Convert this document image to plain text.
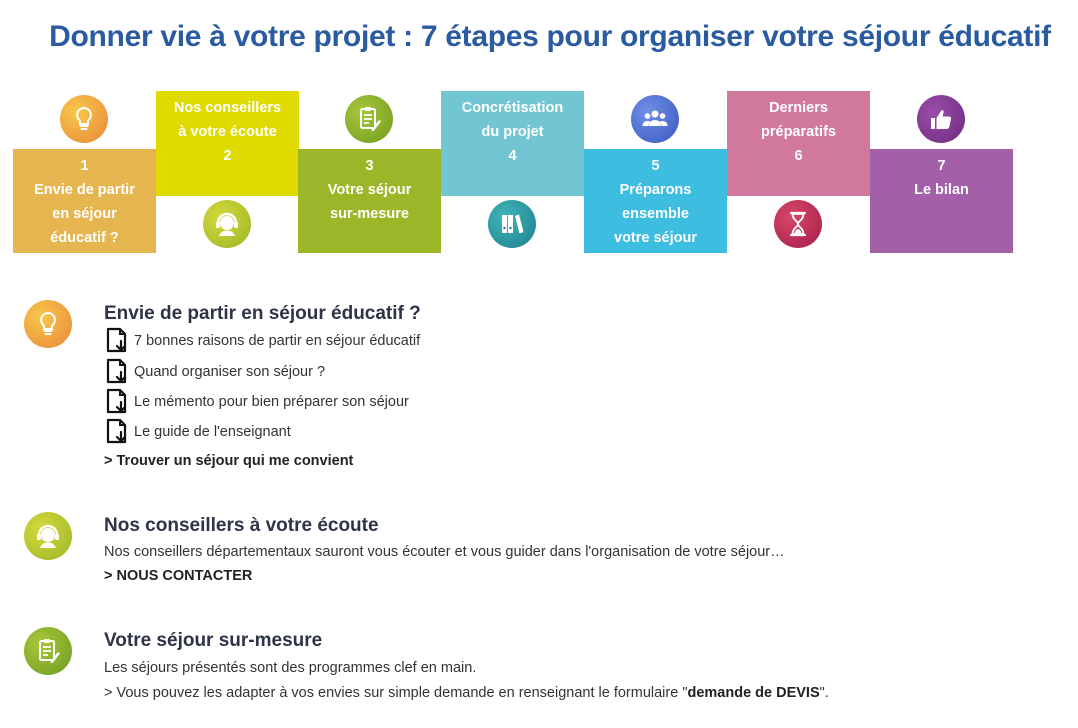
Donner vie à votre projet : 7 étapes pour organiser votre séjour éducatif
1
Envie de partir
en séjour
éducatif ?
Nos conseillers
à votre écoute
2
3
Votre séjour
sur-mesure
Concrétisation
du projet
4
5
Préparons
ensemble
votre séjour
Derniers
préparatifs
6
7
Le bilan
Envie de partir en séjour éducatif ?
7 bonnes raisons de partir en séjour éducatif
Quand organiser son séjour ?
Le mémento pour bien préparer son séjour
Le guide de l'enseignant
> Trouver un séjour qui me convient
Nos conseillers à votre écoute

Nos conseillers départementaux sauront vous écouter et vous guider dans l'organisation de votre séjour…

> NOUS CONTACTER
Votre séjour sur-mesure

Les séjours présentés sont des programmes clef en main.

> Vous pouvez les adapter à vos envies sur simple demande en renseignant le formulaire "demande de DEVIS".
